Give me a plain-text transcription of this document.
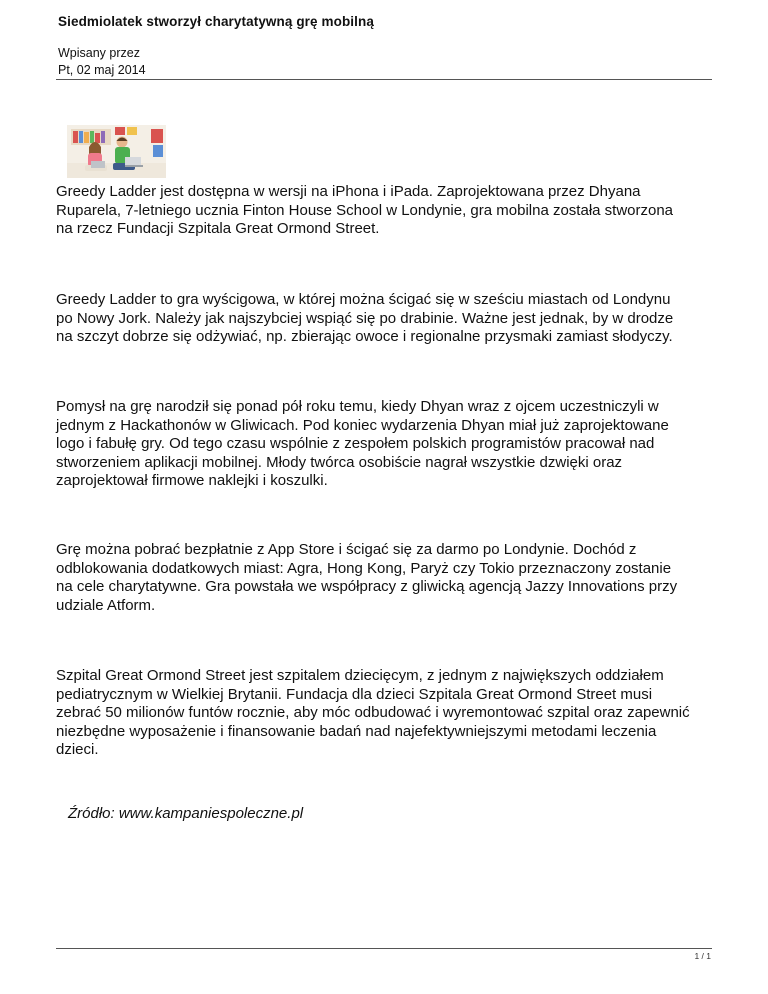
Siedmiolatek stworzył charytatywną grę mobilną
Wpisany przez
Pt, 02 maj 2014

Greedy Ladder jest dostępna w wersji na iPhona i iPada. Zaprojektowana przez Dhyana
Ruparela, 7-letniego ucznia Finton House School w Londynie, gra mobilna została stworzona
na rzecz Fundacji Szpitala Great Ormond Street.

Greedy Ladder to gra wyścigowa, w której można ścigać się w sześciu miastach od Londynu
po Nowy Jork. Należy jak najszybciej wspiąć się po drabinie. Ważne jest jednak, by w drodze
na szczyt dobrze się odżywiać, np. zbierając owoce i regionalne przysmaki zamiast słodyczy.

Pomysł na grę narodził się ponad pół roku temu, kiedy Dhyan wraz z ojcem uczestniczyli w
jednym z Hackathonów w Gliwicach. Pod koniec wydarzenia Dhyan miał już zaprojektowane
logo i fabułę gry. Od tego czasu wspólnie z zespołem polskich programistów pracował nad
stworzeniem aplikacji mobilnej. Młody twórca osobiście nagrał wszystkie dzwięki oraz
zaprojektował firmowe naklejki i koszulki.

Grę można pobrać bezpłatnie z App Store i ścigać się za darmo po Londynie. Dochód z
odblokowania dodatkowych miast: Agra, Hong Kong, Paryż czy Tokio przeznaczony zostanie
na cele charytatywne. Gra powstała we współpracy z gliwicką agencją Jazzy Innovations przy
udziale Atform.

Szpital Great Ormond Street jest szpitalem dziecięcym, z jednym z największych oddziałem
pediatrycznym w Wielkiej Brytanii. Fundacja dla dzieci Szpitala Great Ormond Street musi
zebrać 50 milionów funtów rocznie, aby móc odbudować i wyremontować szpital oraz zapewnić
niezbędne wyposażenie i finansowanie badań nad najefektywniejszymi metodami leczenia
dzieci.

Źródło: www.kampaniespoleczne.pl
1 / 1
